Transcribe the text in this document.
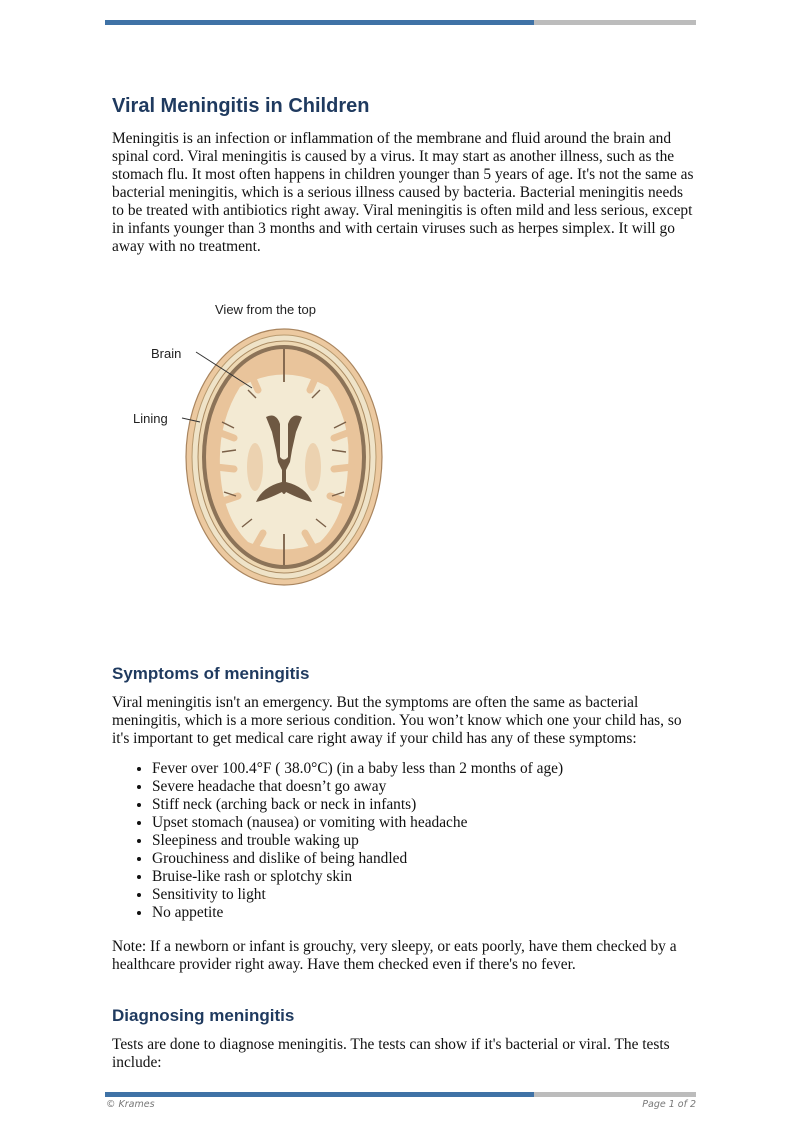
Viral Meningitis in Children

Meningitis is an infection or inflammation of the membrane and fluid around the brain and spinal cord. Viral meningitis is caused by a virus. It may start as another illness, such as the stomach flu. It most often happens in children younger than 5 years of age. It's not the same as bacterial meningitis, which is a serious illness caused by bacteria. Bacterial meningitis needs to be treated with antibiotics right away. Viral meningitis is often mild and less serious, except in infants younger than 3 months and with certain viruses such as herpes simplex. It will go away with no treatment.

View from the top
Brain
Lining
Symptoms of meningitis

Viral meningitis isn't an emergency. But the symptoms are often the same as bacterial meningitis, which is a more serious condition. You won’t know which one your child has, so it's important to get medical care right away if your child has any of these symptoms:

• Fever over 100.4°F ( 38.0°C) (in a baby less than 2 months of age)
• Severe headache that doesn’t go away
• Stiff neck (arching back or neck in infants)
• Upset stomach (nausea) or vomiting with headache
• Sleepiness and trouble waking up
• Grouchiness and dislike of being handled
• Bruise-like rash or splotchy skin
• Sensitivity to light
• No appetite

Note: If a newborn or infant is grouchy, very sleepy, or eats poorly, have them checked by a healthcare provider right away. Have them checked even if there's no fever.

Diagnosing meningitis

Tests are done to diagnose meningitis. The tests can show if it's bacterial or viral. The tests include:

© Krames	Page 1 of 2
